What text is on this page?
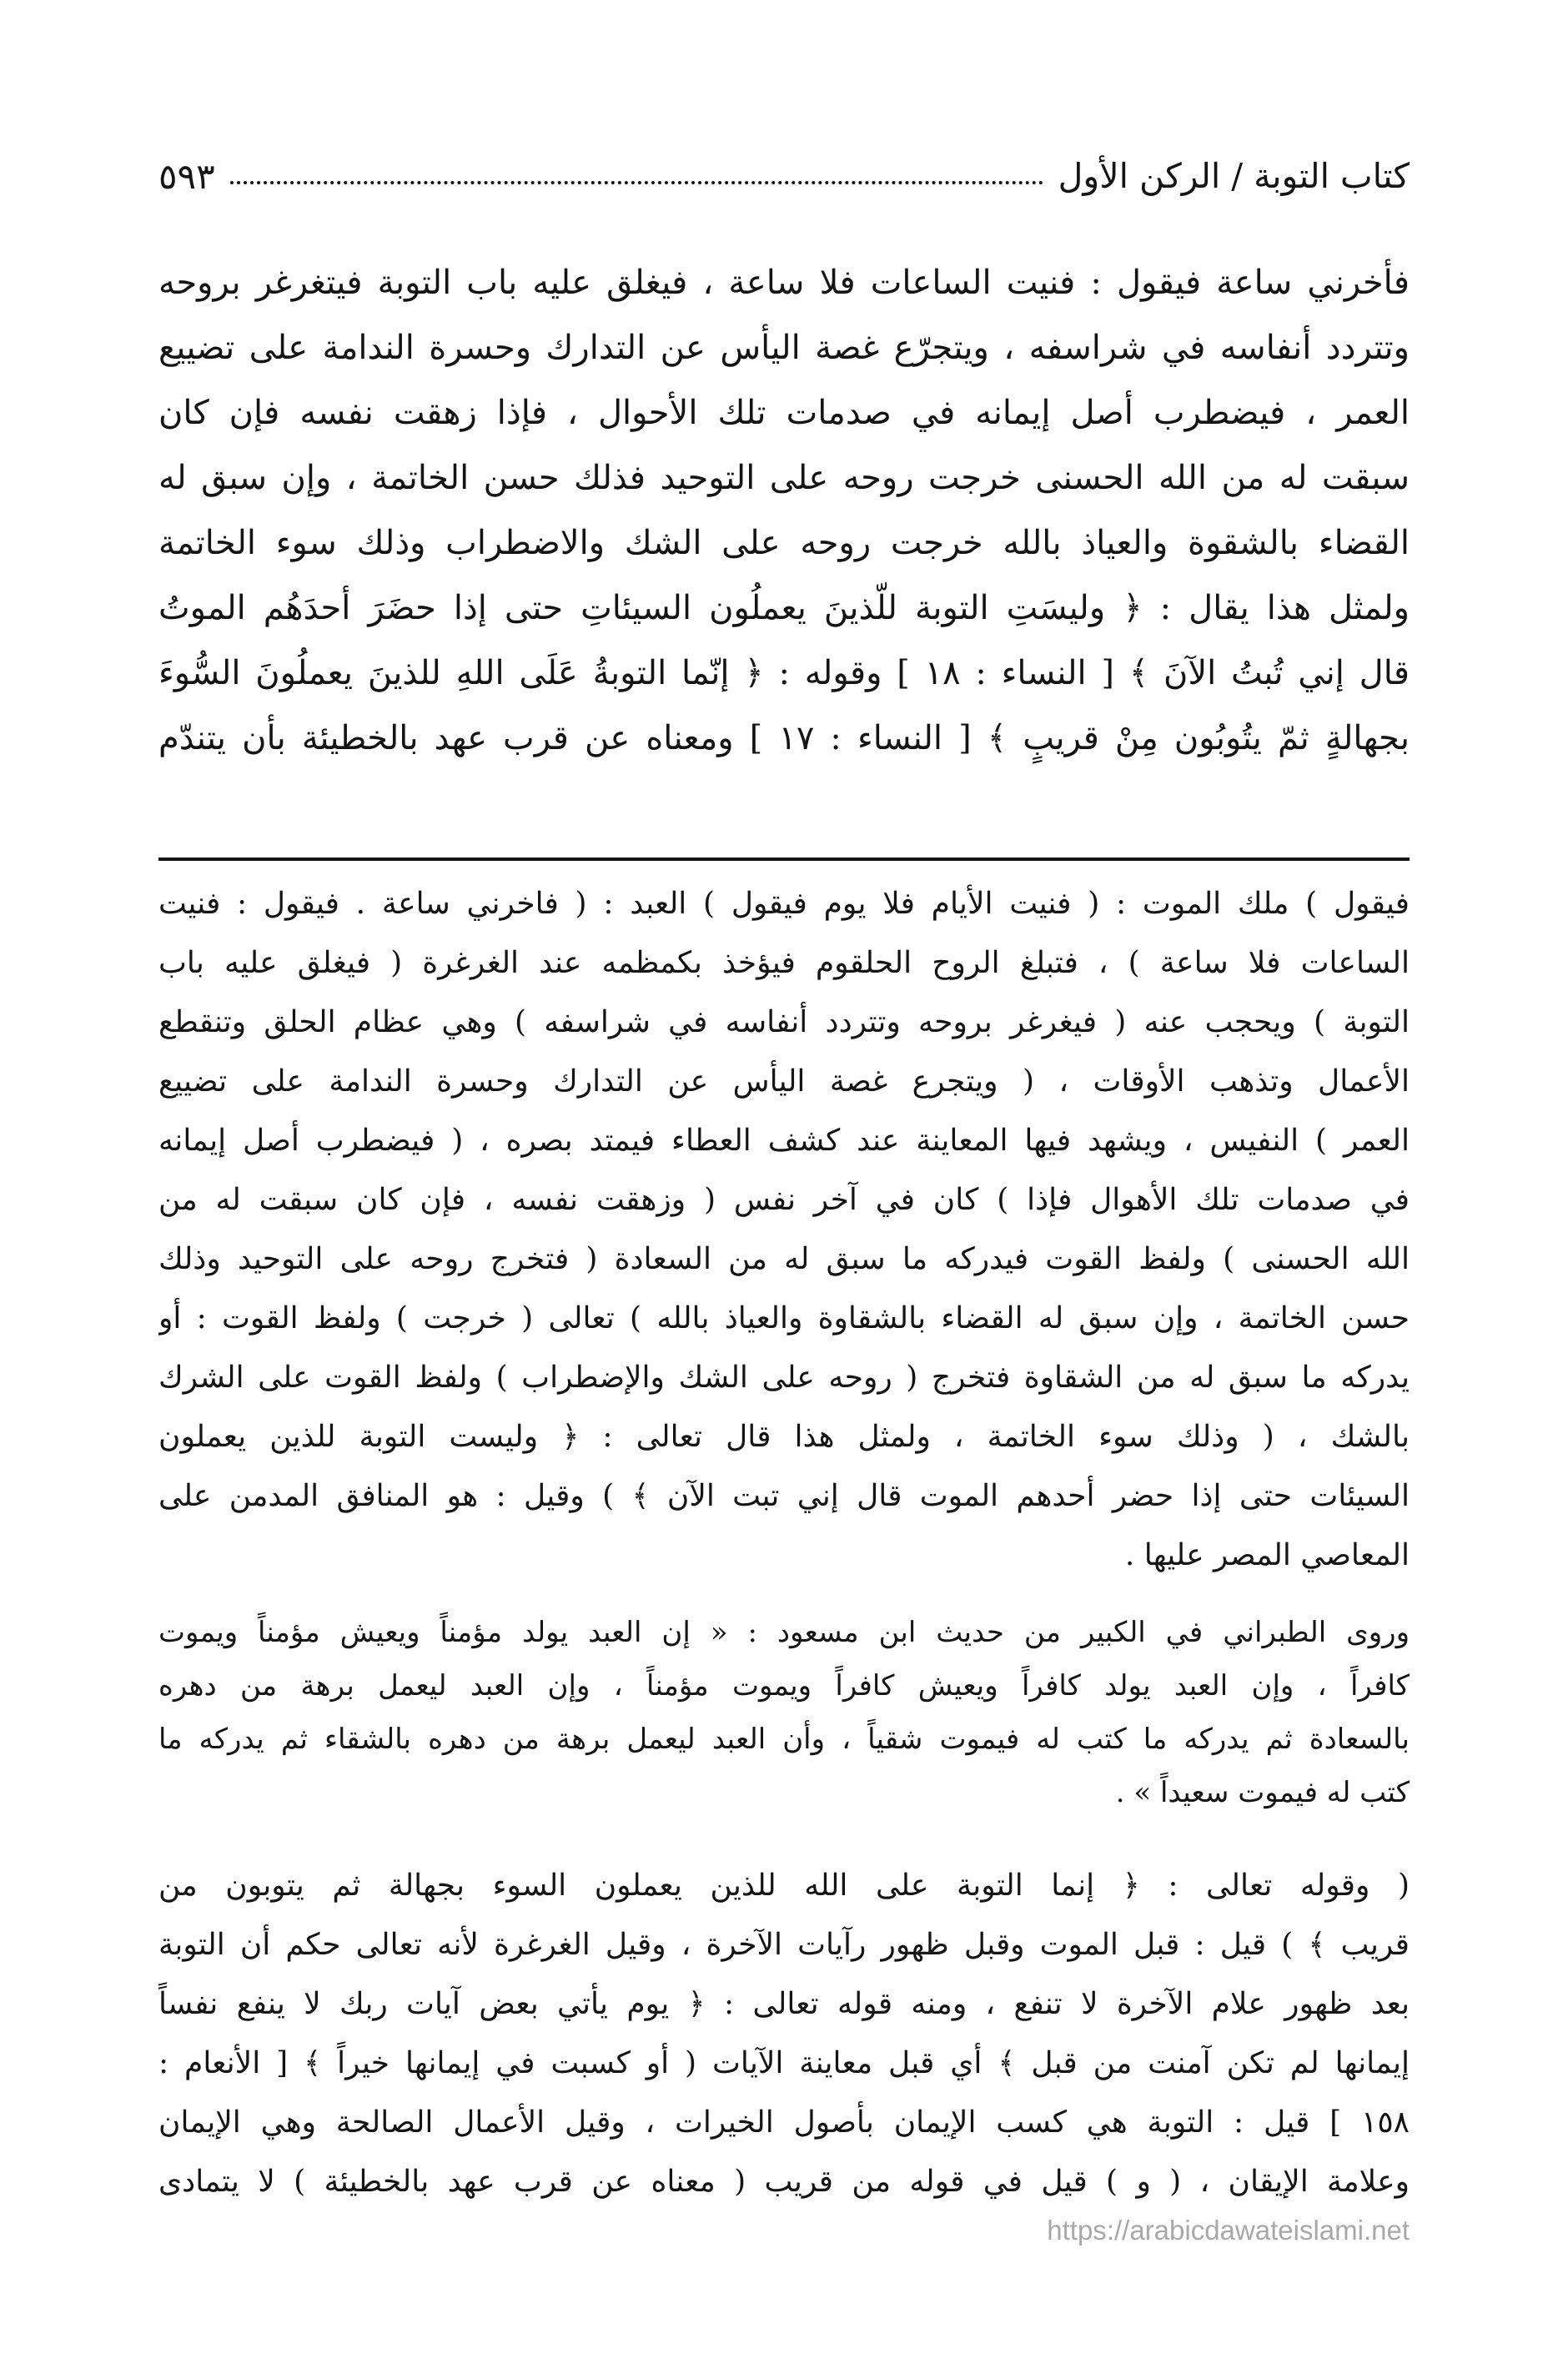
كتاب التوبة / الركن الأول
٥٩٣
فأخرني ساعة فيقول : فنيت الساعات فلا ساعة ، فيغلق عليه باب التوبة فيتغرغر بروحه
وتتردد أنفاسه في شراسفه ، ويتجرّع غصة اليأس عن التدارك وحسرة الندامة على تضييع
العمر ، فيضطرب أصل إيمانه في صدمات تلك الأحوال ، فإذا زهقت نفسه فإن كان
سبقت له من الله الحسنى خرجت روحه على التوحيد فذلك حسن الخاتمة ، وإن سبق له
القضاء بالشقوة والعياذ بالله خرجت روحه على الشك والاضطراب وذلك سوء الخاتمة
ولمثل هذا يقال : ﴿ وليسَتِ التوبة للّذينَ يعملُون السيئاتِ حتى إذا حضَرَ أحدَهُم الموتُ
قال إني تُبتُ الآنَ ﴾ [ النساء : ١٨ ] وقوله : ﴿ إنّما التوبةُ عَلَى اللهِ للذينَ يعملُونَ السُّوءَ
بجهالةٍ ثمّ يتُوبُون مِنْ قريبٍ ﴾ [ النساء : ١٧ ] ومعناه عن قرب عهد بالخطيئة بأن يتندّم
فيقول ) ملك الموت : ( فنيت الأيام فلا يوم فيقول ) العبد : ( فاخرني ساعة . فيقول : فنيت
الساعات فلا ساعة ) ، فتبلغ الروح الحلقوم فيؤخذ بكمظمه عند الغرغرة ( فيغلق عليه باب
التوبة ) ويحجب عنه ( فيغرغر بروحه وتتردد أنفاسه في شراسفه ) وهي عظام الحلق وتنقطع
الأعمال وتذهب الأوقات ، ( ويتجرع غصة اليأس عن التدارك وحسرة الندامة على تضييع
العمر ) النفيس ، ويشهد فيها المعاينة عند كشف العطاء فيمتد بصره ، ( فيضطرب أصل إيمانه
في صدمات تلك الأهوال فإذا ) كان في آخر نفس ( وزهقت نفسه ، فإن كان سبقت له من
الله الحسنى ) ولفظ القوت فيدركه ما سبق له من السعادة ( فتخرج روحه على التوحيد وذلك
حسن الخاتمة ، وإن سبق له القضاء بالشقاوة والعياذ بالله ) تعالى ( خرجت ) ولفظ القوت : أو
يدركه ما سبق له من الشقاوة فتخرج ( روحه على الشك والإضطراب ) ولفظ القوت على الشرك
بالشك ، ( وذلك سوء الخاتمة ، ولمثل هذا قال تعالى : ﴿ وليست التوبة للذين يعملون
السيئات حتى إذا حضر أحدهم الموت قال إني تبت الآن ﴾ ) وقيل : هو المنافق المدمن على
المعاصي المصر عليها .
وروى الطبراني في الكبير من حديث ابن مسعود : « إن العبد يولد مؤمناً ويعيش مؤمناً ويموت
كافراً ، وإن العبد يولد كافراً ويعيش كافراً ويموت مؤمناً ، وإن العبد ليعمل برهة من دهره
بالسعادة ثم يدركه ما كتب له فيموت شقياً ، وأن العبد ليعمل برهة من دهره بالشقاء ثم يدركه ما
كتب له فيموت سعيداً » .
( وقوله تعالى : ﴿ إنما التوبة على الله للذين يعملون السوء بجهالة ثم يتوبون من
قريب ﴾ ) قيل : قبل الموت وقبل ظهور رآيات الآخرة ، وقيل الغرغرة لأنه تعالى حكم أن التوبة
بعد ظهور علام الآخرة لا تنفع ، ومنه قوله تعالى : ﴿ يوم يأتي بعض آيات ربك لا ينفع نفساً
إيمانها لم تكن آمنت من قبل ﴾ أي قبل معاينة الآيات ( أو كسبت في إيمانها خيراً ﴾ [ الأنعام :
١٥٨ ] قيل : التوبة هي كسب الإيمان بأصول الخيرات ، وقيل الأعمال الصالحة وهي الإيمان
وعلامة الإيقان ، ( و ) قيل في قوله من قريب ( معناه عن قرب عهد بالخطيئة ) لا يتمادى
https://arabicdawateislami.net
